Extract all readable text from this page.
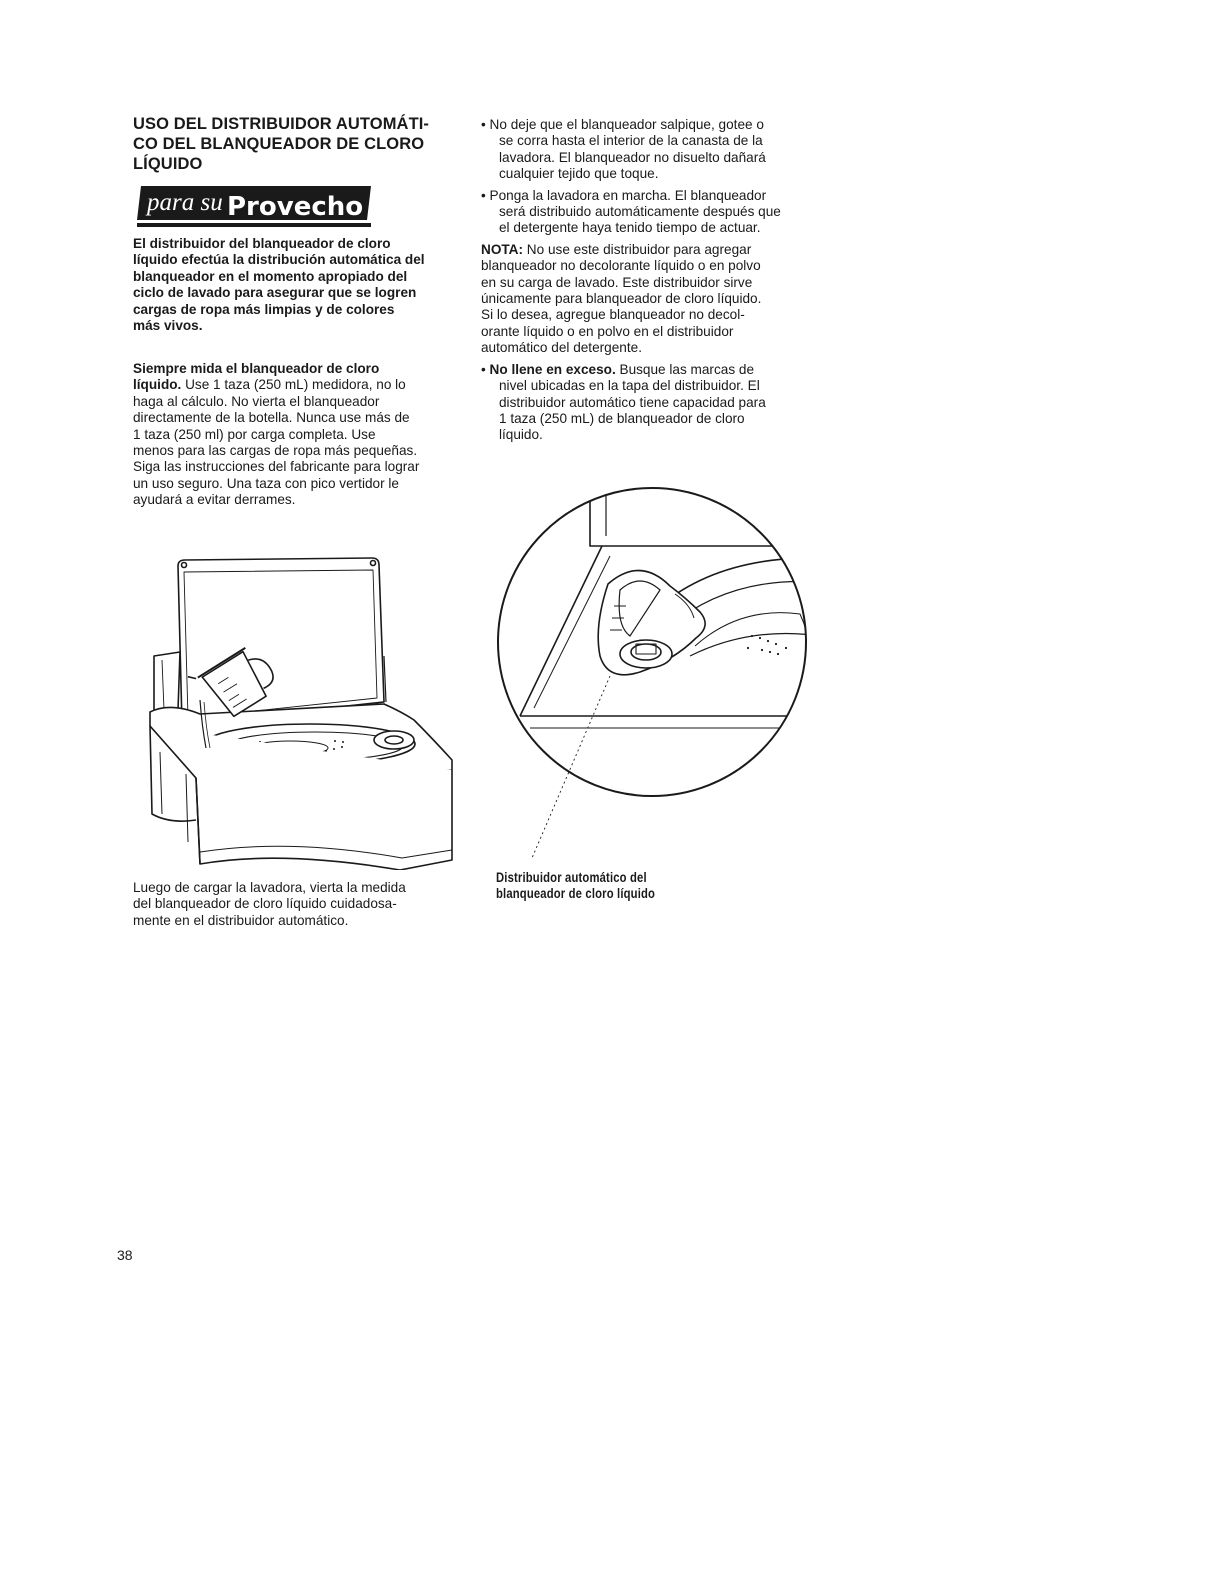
USO DEL DISTRIBUIDOR AUTOMÁTI-

CO DEL BLANQUEADOR DE CLORO

LÍQUIDO

para su Provecho
El distribuidor del blanqueador de cloro
líquido efectúa la distribución automática del
blanqueador en el momento apropiado del
ciclo de lavado para asegurar que se logren
cargas de ropa más limpias y de colores
más vivos.
Siempre mida el blanqueador de cloro
líquido. Use 1 taza (250 mL) medidora, no lo
haga al cálculo. No vierta el blanqueador
directamente de la botella. Nunca use más de
1 taza (250 ml) por carga completa. Use
menos para las cargas de ropa más pequeñas.
Siga las instrucciones del fabricante para lograr
un uso seguro. Una taza con pico vertidor le
ayudará a evitar derrames.
Luego de cargar la lavadora, vierta la medida
del blanqueador de cloro líquido cuidadosa-
mente en el distribuidor automático.
• No deje que el blanqueador salpique, gotee o
se corra hasta el interior de la canasta de la
lavadora. El blanqueador no disuelto dañará
cualquier tejido que toque.
• Ponga la lavadora en marcha. El blanqueador
será distribuido automáticamente después que
el detergente haya tenido tiempo de actuar.
NOTA: No use este distribuidor para agregar
blanqueador no decolorante líquido o en polvo
en su carga de lavado. Este distribuidor sirve
únicamente para blanqueador de cloro líquido.
Si lo desea, agregue blanqueador no decol-
orante líquido o en polvo en el distribuidor
automático del detergente.
• No llene en exceso. Busque las marcas de
nivel ubicadas en la tapa del distribuidor. El
distribuidor automático tiene capacidad para
1 taza (250 mL) de blanqueador de cloro
líquido.
Distribuidor automático del
blanqueador de cloro líquido
38
